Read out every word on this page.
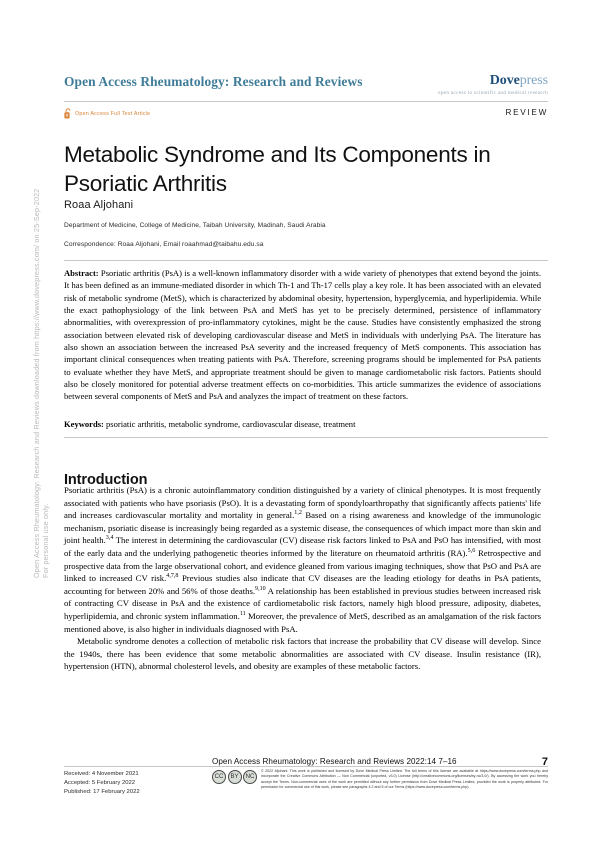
Open Access Rheumatology: Research and Reviews downloaded from https://www.dovepress.com/ on 25-Sep-2022 For personal use only.
Open Access Rheumatology: Research and Reviews	Dovepress
open access to scientific and medical research
Open Access Full Text Article	REVIEW
Metabolic Syndrome and Its Components in Psoriatic Arthritis
Roaa Aljohani
Department of Medicine, College of Medicine, Taibah University, Madinah, Saudi Arabia
Correspondence: Roaa Aljohani, Email roaahmad@taibahu.edu.sa
Abstract: Psoriatic arthritis (PsA) is a well-known inflammatory disorder with a wide variety of phenotypes that extend beyond the joints. It has been defined as an immune-mediated disorder in which Th-1 and Th-17 cells play a key role. It has been associated with an elevated risk of metabolic syndrome (MetS), which is characterized by abdominal obesity, hypertension, hyperglycemia, and hyperlipidemia. While the exact pathophysiology of the link between PsA and MetS has yet to be precisely determined, persistence of inflammatory abnormalities, with overexpression of pro-inflammatory cytokines, might be the cause. Studies have consistently emphasized the strong association between elevated risk of developing cardiovascular disease and MetS in individuals with underlying PsA. The literature has also shown an association between the increased PsA severity and the increased frequency of MetS components. This association has important clinical consequences when treating patients with PsA. Therefore, screening programs should be implemented for PsA patients to evaluate whether they have MetS, and appropriate treatment should be given to manage cardiometabolic risk factors. Patients should also be closely monitored for potential adverse treatment effects on co-morbidities. This article summarizes the evidence of associations between several components of MetS and PsA and analyzes the impact of treatment on these factors.
Keywords: psoriatic arthritis, metabolic syndrome, cardiovascular disease, treatment
Introduction

Psoriatic arthritis (PsA) is a chronic autoinflammatory condition distinguished by a variety of clinical phenotypes. It is most frequently associated with patients who have psoriasis (PsO). It is a devastating form of spondyloarthropathy that significantly affects patients' life and increases cardiovascular mortality and mortality in general.$^{1,2}$ Based on a rising awareness and knowledge of the immunologic mechanism, psoriatic disease is increasingly being regarded as a systemic disease, the consequences of which impact more than skin and joint health.$^{3,4}$ The interest in determining the cardiovascular (CV) disease risk factors linked to PsA and PsO has intensified, with most of the early data and the underlying pathogenetic theories informed by the literature on rheumatoid arthritis (RA).$^{5,6}$ Retrospective and prospective data from the large observational cohort, and evidence gleaned from various imaging techniques, show that PsO and PsA are linked to increased CV risk.$^{4,7,8}$ Previous studies also indicate that CV diseases are the leading etiology for deaths in PsA patients, accounting for between 20% and 56% of those deaths.$^{9,10}$ A relationship has been established in previous studies between increased risk of contracting CV disease in PsA and the existence of cardiometabolic risk factors, namely high blood pressure, adiposity, diabetes, hyperlipidemia, and chronic system inflammation.$^{11}$ Moreover, the prevalence of MetS, described as an amalgamation of the risk factors mentioned above, is also higher in individuals diagnosed with PsA.

Metabolic syndrome denotes a collection of metabolic risk factors that increase the probability that CV disease will develop. Since the 1940s, there has been evidence that some metabolic abnormalities are associated with CV disease. Insulin resistance (IR), hypertension (HTN), abnormal cholesterol levels, and obesity are examples of these metabolic factors.

Received: 4 November 2021
Accepted: 5 February 2022
Published: 17 February 2022
Open Access Rheumatology: Research and Reviews 2022:14 7–16	7
CC	BY	NC
© 2022 Aljohani. This work is published and licensed by Dove Medical Press Limited. The full terms of this license are available at https://www.dovepress.com/terms.php and incorporate the Creative Commons Attribution — Non Commercial (unported, v3.0) License (http://creativecommons.org/licenses/by-nc/3.0/). By accessing the work you hereby accept the Terms. Non-commercial uses of the work are permitted without any further permission from Dove Medical Press Limited, provided the work is properly attributed. For permission for commercial use of this work, please see paragraphs 4.2 and 5 of our Terms (https://www.dovepress.com/terms.php).
